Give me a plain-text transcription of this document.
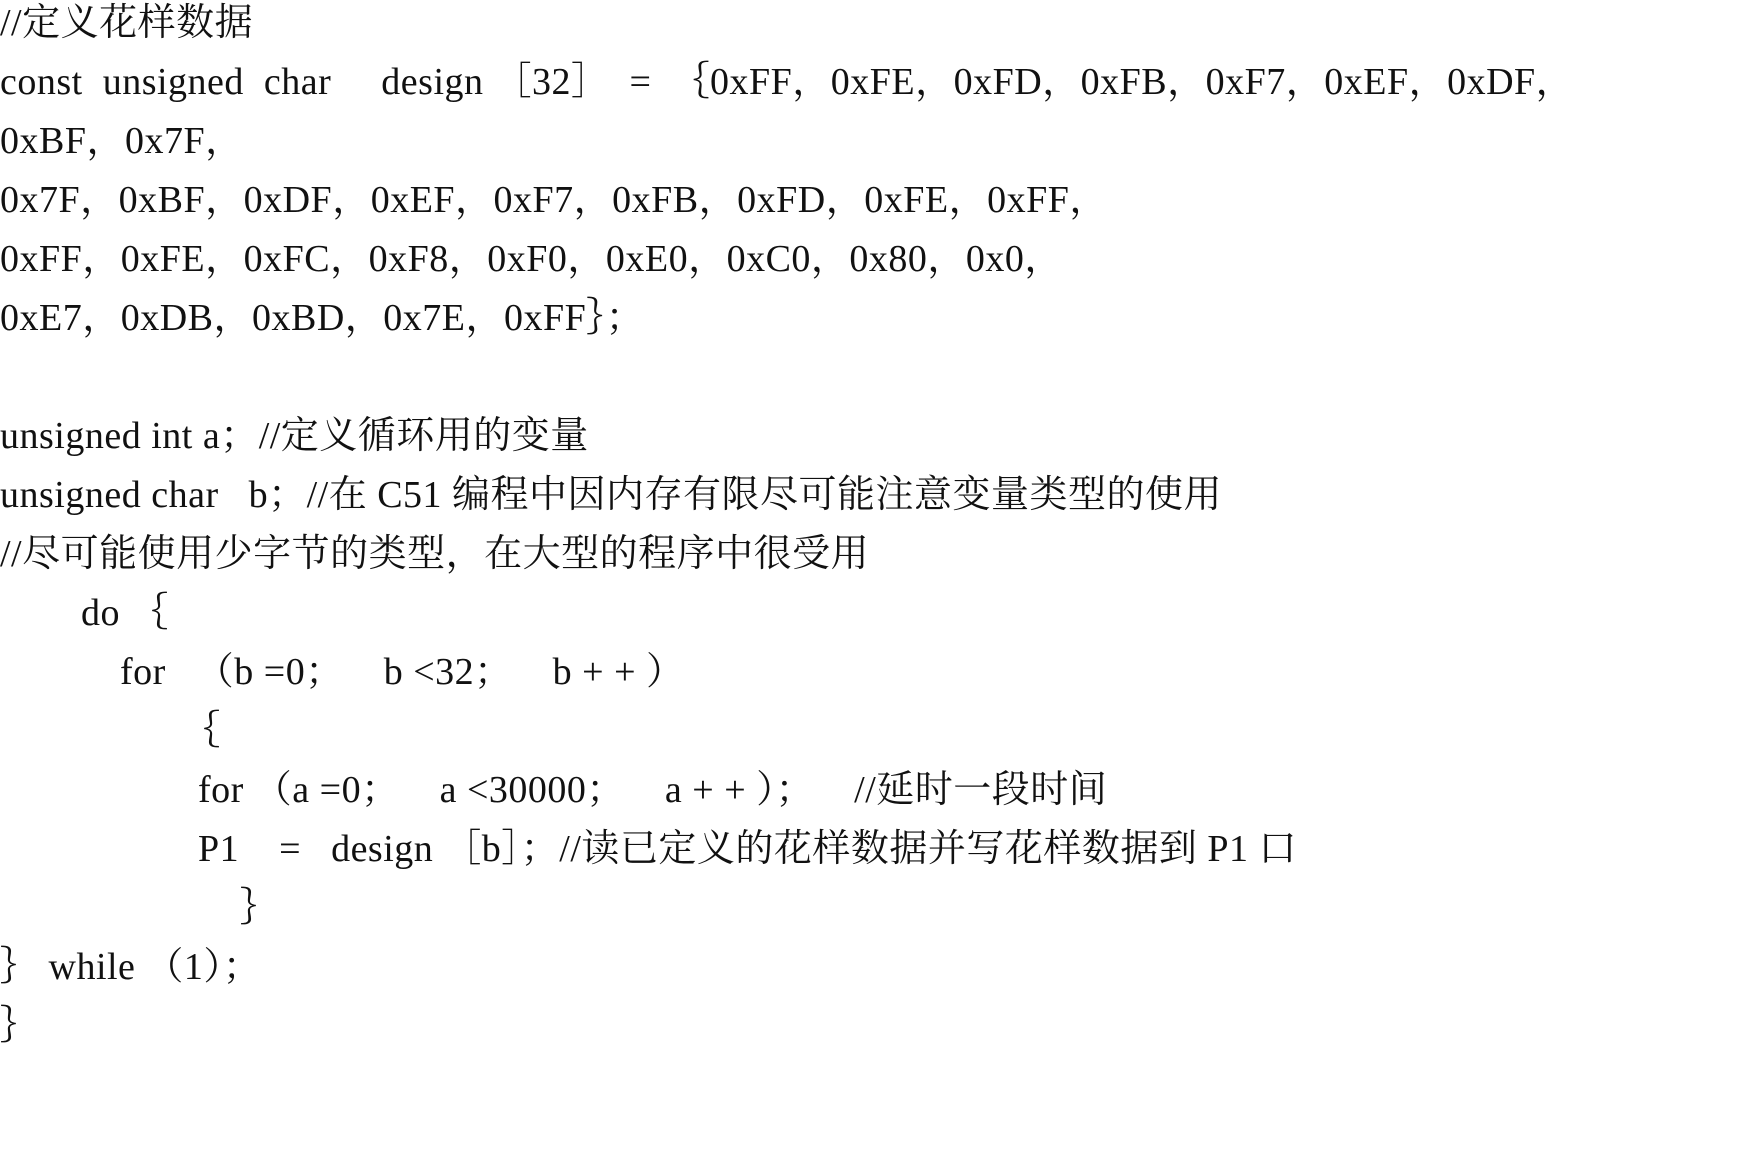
//定义花样数据
const  unsigned  char     design ［32］  =  ｛0xFF，0xFE，0xFD，0xFB，0xF7，0xEF，0xDF，
0xBF，0x7F，
0x7F，0xBF，0xDF，0xEF，0xF7，0xFB，0xFD，0xFE，0xFF，
0xFF，0xFE，0xFC，0xF8，0xF0，0xE0，0xC0，0x80，0x0，
0xE7，0xDB，0xBD，0x7E，0xFF｝；
unsigned int a；//定义循环用的变量
unsigned char   b；//在 C51 编程中因内存有限尽可能注意变量类型的使用
//尽可能使用少字节的类型，在大型的程序中很受用
do ｛
for   （b =0；    b <32；    b + + ）
｛
for （a =0；    a <30000；    a + + ）；    //延时一段时间
P1    =   design ［b］；//读已定义的花样数据并写花样数据到 P1 口
｝
｝ while （1）；
｝
